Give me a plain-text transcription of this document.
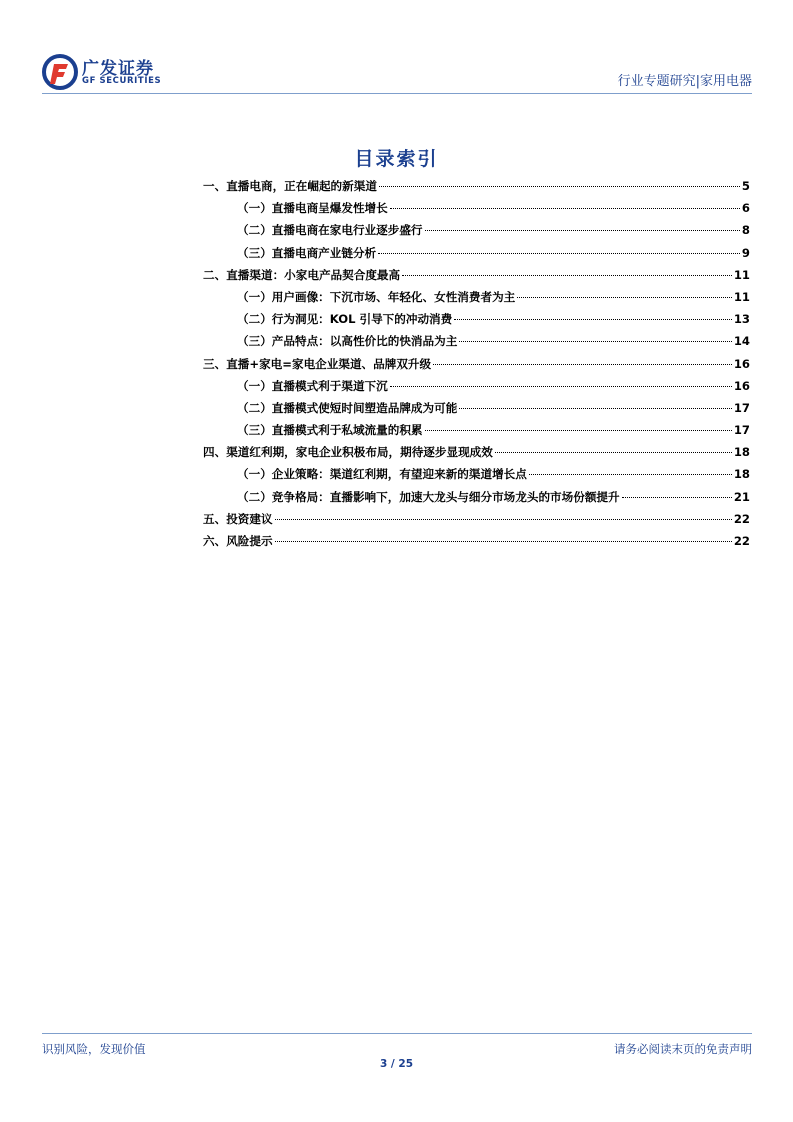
广发证券
GF SECURITIES	行业专题研究|家用电器
目录索引
一、直播电商，正在崛起的新渠道	5
（一）直播电商呈爆发性增长	6
（二）直播电商在家电行业逐步盛行	8
（三）直播电商产业链分析	9
二、直播渠道：小家电产品契合度最高	11
（一）用户画像：下沉市场、年轻化、女性消费者为主	11
（二）行为洞见：KOL 引导下的冲动消费	13
（三）产品特点：以高性价比的快消品为主	14
三、直播+家电=家电企业渠道、品牌双升级	16
（一）直播模式利于渠道下沉	16
（二）直播模式使短时间塑造品牌成为可能	17
（三）直播模式利于私域流量的积累	17
四、渠道红利期，家电企业积极布局，期待逐步显现成效	18
（一）企业策略：渠道红利期，有望迎来新的渠道增长点	18
（二）竞争格局：直播影响下，加速大龙头与细分市场龙头的市场份额提升	21
五、投资建议	22
六、风险提示	22
识别风险，发现价值	请务必阅读末页的免责声明
3 / 25
